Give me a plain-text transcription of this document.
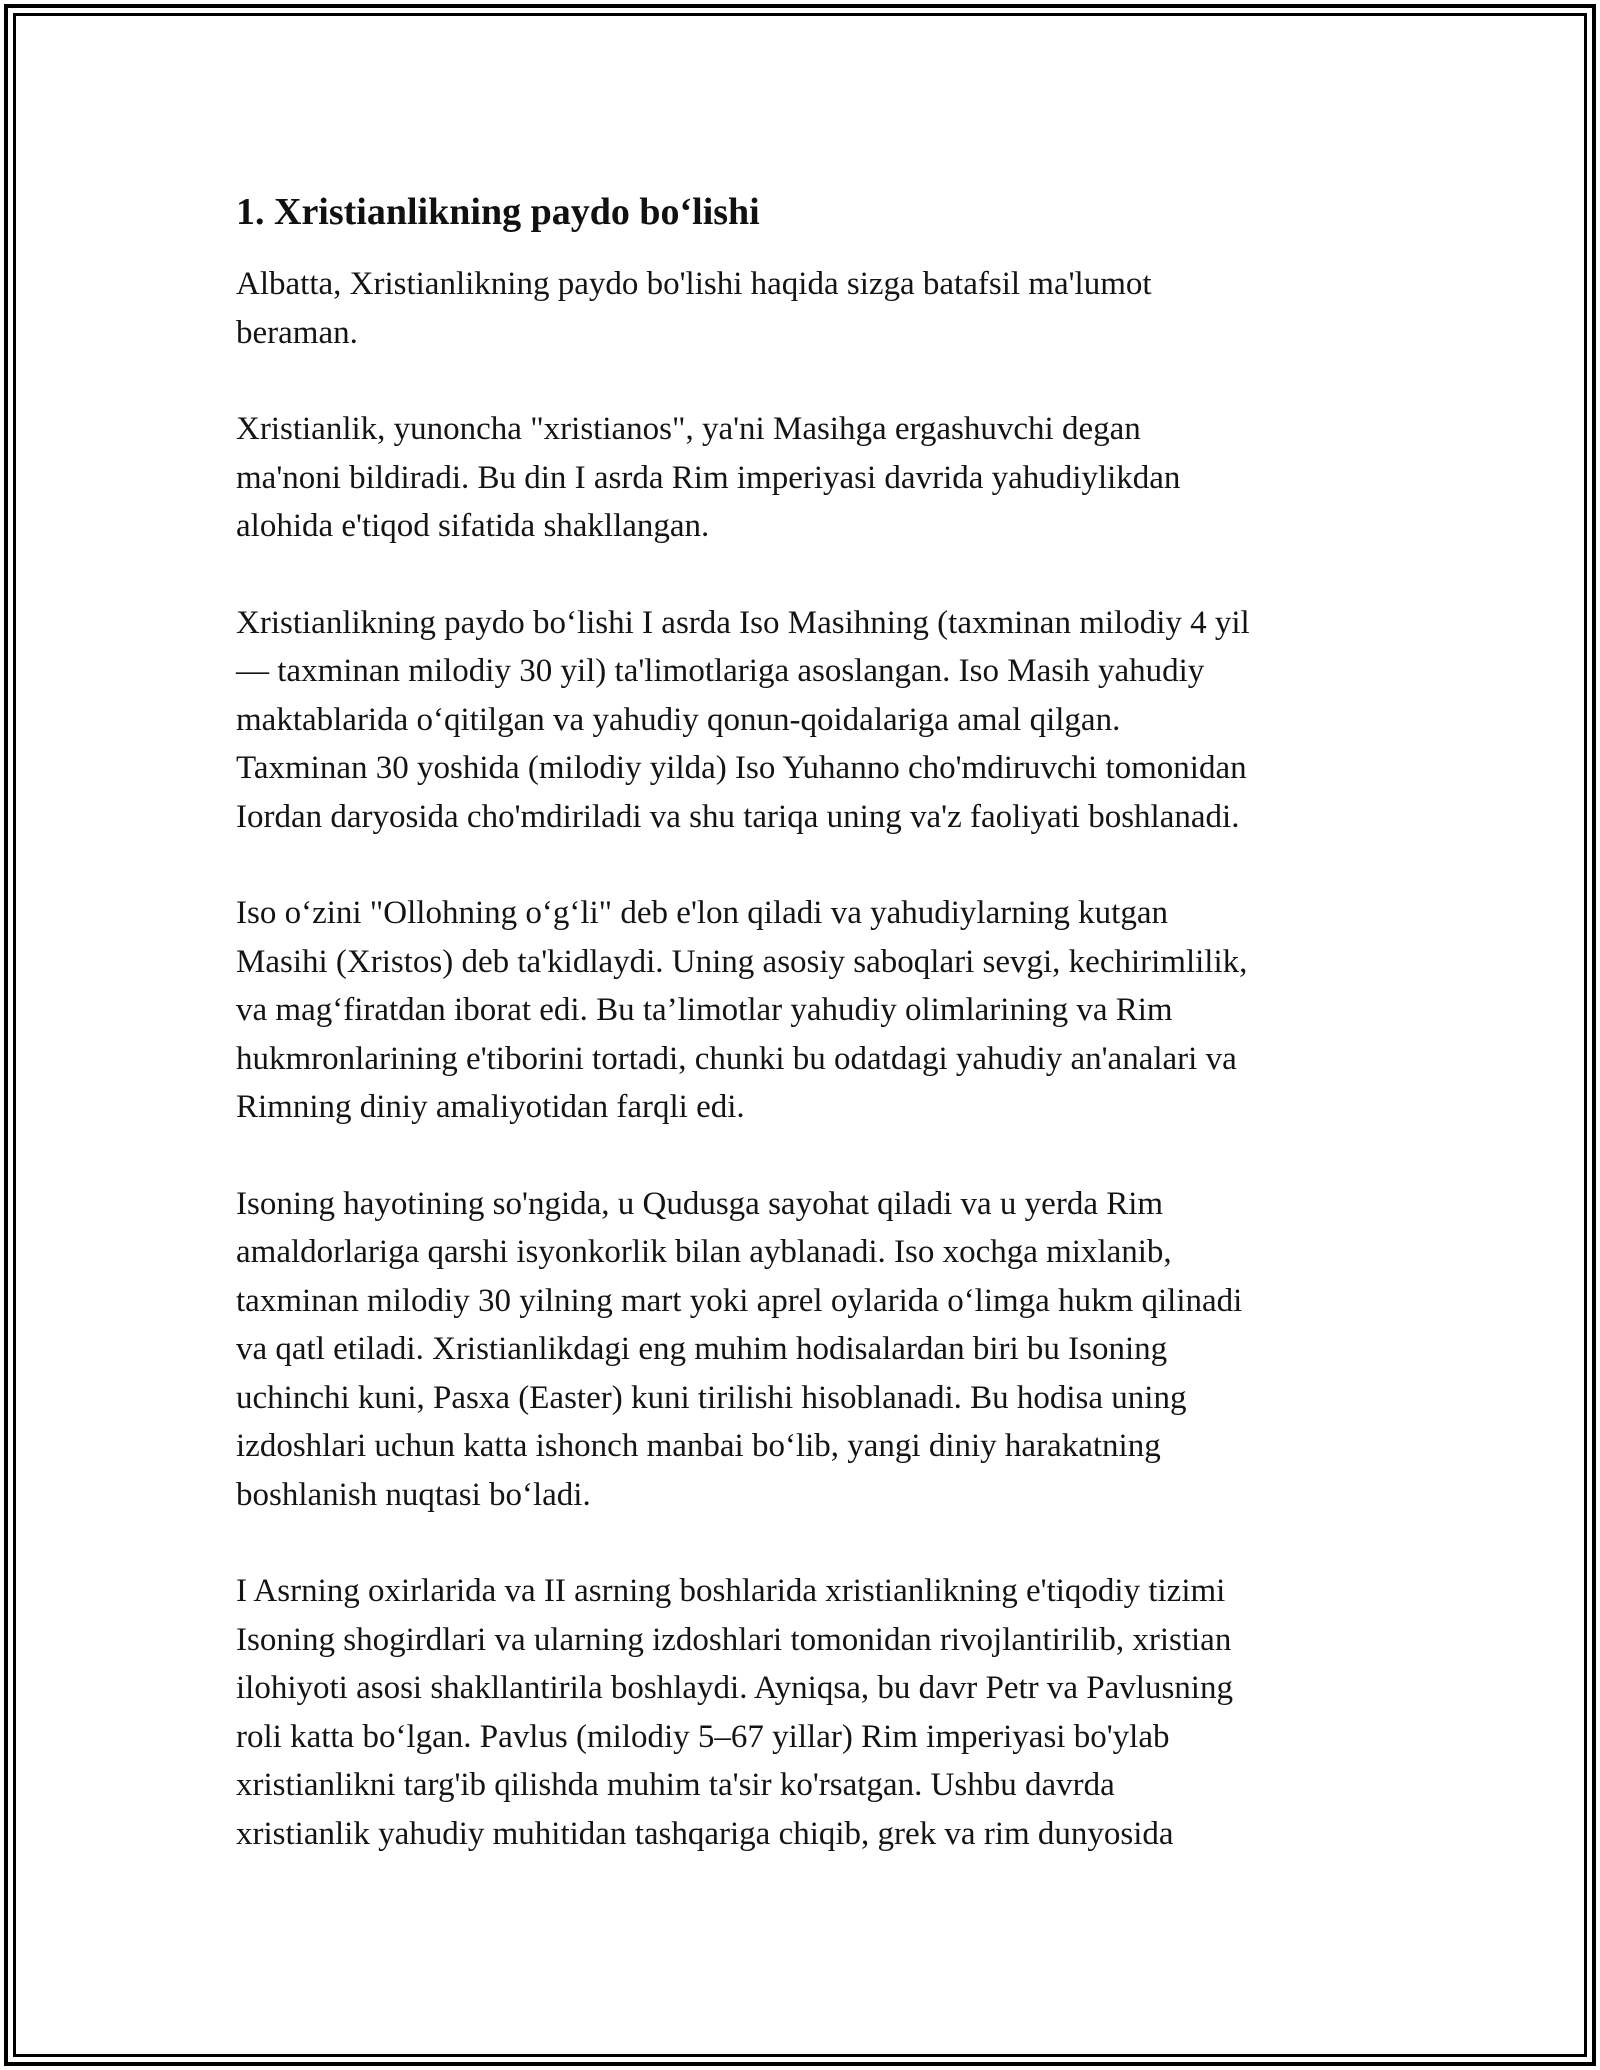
1. Xristianlikning paydo bo‘lishi

Albatta, Xristianlikning paydo bo'lishi haqida sizga batafsil ma'lumot
beraman.

Xristianlik, yunoncha "xristianos", ya'ni Masihga ergashuvchi degan
ma'noni bildiradi. Bu din I asrda Rim imperiyasi davrida yahudiylikdan
alohida e'tiqod sifatida shakllangan.

Xristianlikning paydo bo‘lishi I asrda Iso Masihning (taxminan milodiy 4 yil
— taxminan milodiy 30 yil) ta'limotlariga asoslangan. Iso Masih yahudiy
maktablarida o‘qitilgan va yahudiy qonun-qoidalariga amal qilgan.
Taxminan 30 yoshida (milodiy yilda) Iso Yuhanno cho'mdiruvchi tomonidan
Iordan daryosida cho'mdiriladi va shu tariqa uning va'z faoliyati boshlanadi.

Iso o‘zini "Ollohning o‘g‘li" deb e'lon qiladi va yahudiylarning kutgan
Masihi (Xristos) deb ta'kidlaydi. Uning asosiy saboqlari sevgi, kechirimlilik,
va mag‘firatdan iborat edi. Bu ta’limotlar yahudiy olimlarining va Rim
hukmronlarining e'tiborini tortadi, chunki bu odatdagi yahudiy an'analari va
Rimning diniy amaliyotidan farqli edi.

Isoning hayotining so'ngida, u Qudusga sayohat qiladi va u yerda Rim
amaldorlariga qarshi isyonkorlik bilan ayblanadi. Iso xochga mixlanib,
taxminan milodiy 30 yilning mart yoki aprel oylarida o‘limga hukm qilinadi
va qatl etiladi. Xristianlikdagi eng muhim hodisalardan biri bu Isoning
uchinchi kuni, Pasxa (Easter) kuni tirilishi hisoblanadi. Bu hodisa uning
izdoshlari uchun katta ishonch manbai bo‘lib, yangi diniy harakatning
boshlanish nuqtasi bo‘ladi.

I Asrning oxirlarida va II asrning boshlarida xristianlikning e'tiqodiy tizimi
Isoning shogirdlari va ularning izdoshlari tomonidan rivojlantirilib, xristian
ilohiyoti asosi shakllantirila boshlaydi. Ayniqsa, bu davr Petr va Pavlusning
roli katta bo‘lgan. Pavlus (milodiy 5–67 yillar) Rim imperiyasi bo'ylab
xristianlikni targ'ib qilishda muhim ta'sir ko'rsatgan. Ushbu davrda
xristianlik yahudiy muhitidan tashqariga chiqib, grek va rim dunyosida
